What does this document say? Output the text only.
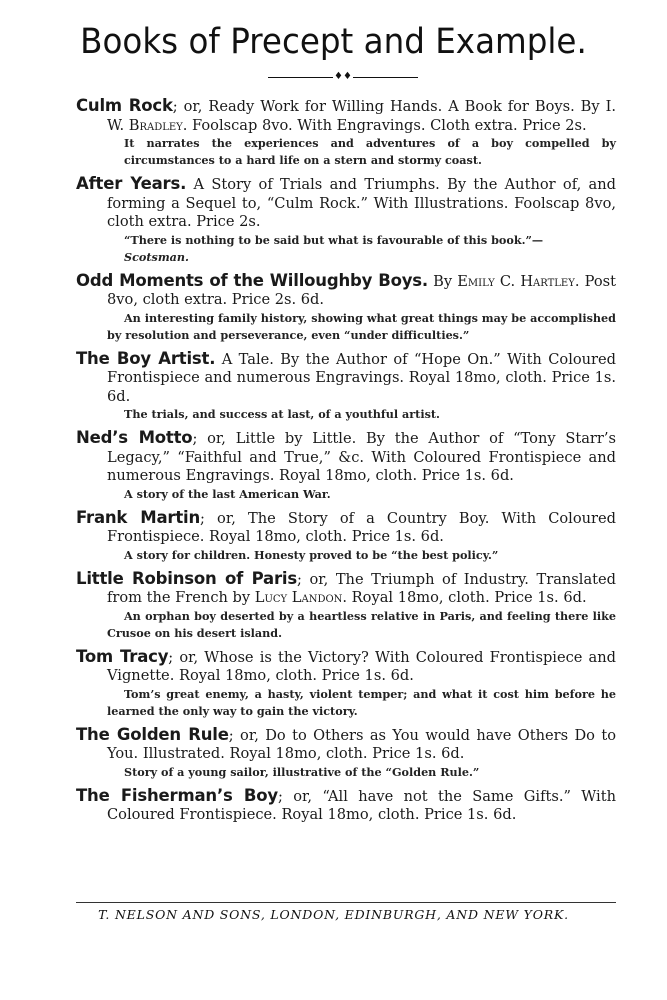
Books of Precept and Example.
♦♦
Culm Rock; or, Ready Work for Willing Hands. A Book for Boys. By I. W. Bradley. Foolscap 8vo. With Engravings. Cloth extra. Price 2s.
It narrates the experiences and adventures of a boy compelled by circumstances to a hard life on a stern and stormy coast.
After Years. A Story of Trials and Triumphs. By the Author of, and forming a Sequel to, “Culm Rock.” With Illustrations. Foolscap 8vo, cloth extra. Price 2s.
“There is nothing to be said but what is favourable of this book.”—
Scotsman.
Odd Moments of the Willoughby Boys. By Emily C. Hartley. Post 8vo, cloth extra. Price 2s. 6d.
An interesting family history, showing what great things may be accomplished by resolution and perseverance, even “under difficulties.”
The Boy Artist. A Tale. By the Author of “Hope On.” With Coloured Frontispiece and numerous Engravings. Royal 18mo, cloth. Price 1s. 6d.
The trials, and success at last, of a youthful artist.
Ned’s Motto; or, Little by Little. By the Author of “Tony Starr’s Legacy,” “Faithful and True,” &c. With Coloured Frontispiece and numerous Engravings. Royal 18mo, cloth. Price 1s. 6d.
A story of the last American War.
Frank Martin; or, The Story of a Country Boy. With Coloured Frontispiece. Royal 18mo, cloth. Price 1s. 6d.
A story for children. Honesty proved to be “the best policy.”
Little Robinson of Paris; or, The Triumph of Industry. Translated from the French by Lucy Landon. Royal 18mo, cloth. Price 1s. 6d.
An orphan boy deserted by a heartless relative in Paris, and feeling there like Crusoe on his desert island.
Tom Tracy; or, Whose is the Victory? With Coloured Frontispiece and Vignette. Royal 18mo, cloth. Price 1s. 6d.
Tom’s great enemy, a hasty, violent temper; and what it cost him before he learned the only way to gain the victory.
The Golden Rule; or, Do to Others as You would have Others Do to You. Illustrated. Royal 18mo, cloth. Price 1s. 6d.
Story of a young sailor, illustrative of the “Golden Rule.”
The Fisherman’s Boy; or, “All have not the Same Gifts.” With Coloured Frontispiece. Royal 18mo, cloth. Price 1s. 6d.
T. NELSON AND SONS, LONDON, EDINBURGH, AND NEW YORK.
